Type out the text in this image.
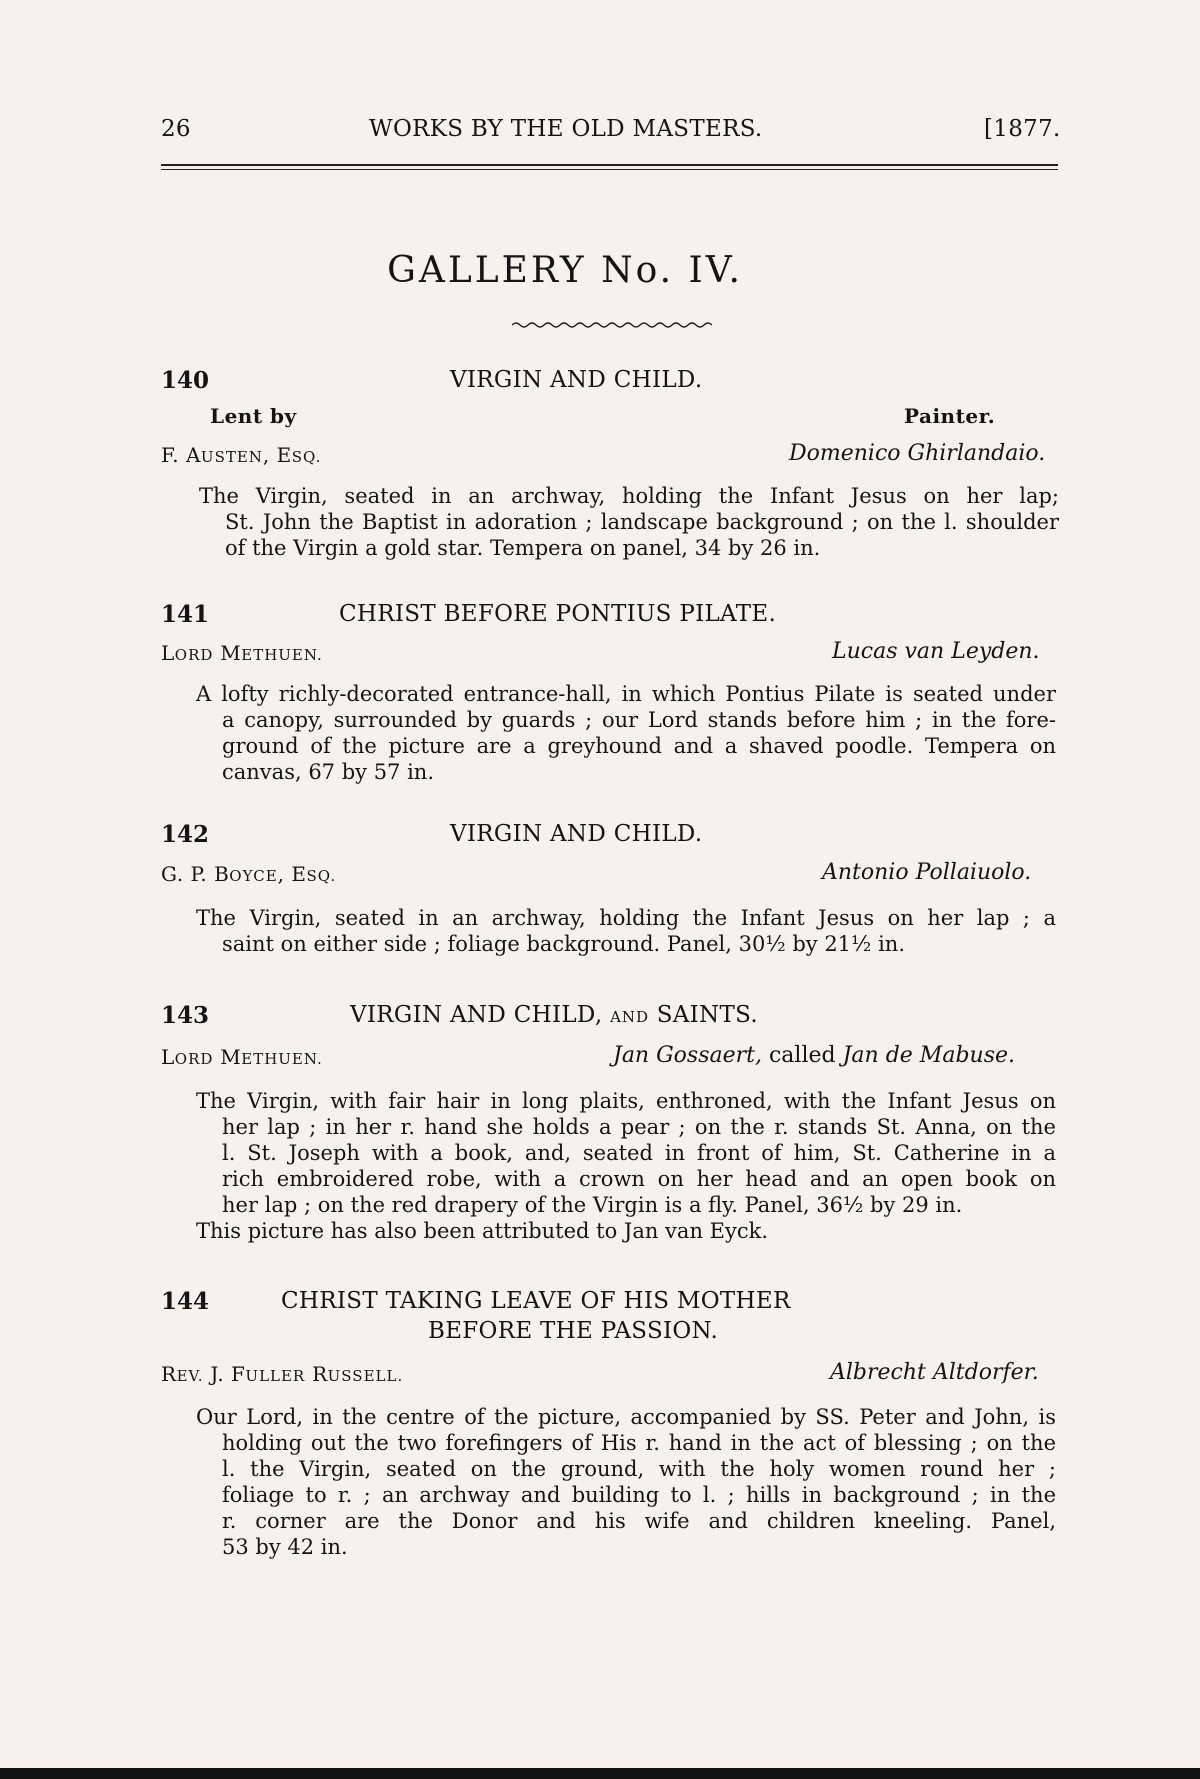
26	WORKS BY THE OLD MASTERS.	[1877.
GALLERY No. IV.
140	VIRGIN AND CHILD.
Lent by	Painter.
F. AUSTEN, ESQ.	Domenico Ghirlandaio.
The Virgin, seated in an archway, holding the Infant Jesus on her lap;
St. John the Baptist in adoration ; landscape background ; on the l. shoulder
of the Virgin a gold star. Tempera on panel, 34 by 26 in.
141	CHRIST BEFORE PONTIUS PILATE.
LORD METHUEN.	Lucas van Leyden.
A lofty richly-decorated entrance-hall, in which Pontius Pilate is seated under
a canopy, surrounded by guards ; our Lord stands before him ; in the fore-
ground of the picture are a greyhound and a shaved poodle. Tempera on
canvas, 67 by 57 in.
142	VIRGIN AND CHILD.
G. P. BOYCE, ESQ.	Antonio Pollaiuolo.
The Virgin, seated in an archway, holding the Infant Jesus on her lap ; a
saint on either side ; foliage background. Panel, 30½ by 21½ in.
143	VIRGIN AND CHILD, AND SAINTS.
LORD METHUEN.	Jan Gossaert, called Jan de Mabuse.
The Virgin, with fair hair in long plaits, enthroned, with the Infant Jesus on
her lap ; in her r. hand she holds a pear ; on the r. stands St. Anna, on the
l. St. Joseph with a book, and, seated in front of him, St. Catherine in a
rich embroidered robe, with a crown on her head and an open book on
her lap ; on the red drapery of the Virgin is a fly. Panel, 36½ by 29 in.
This picture has also been attributed to Jan van Eyck.
144	CHRIST TAKING LEAVE OF HIS MOTHER
BEFORE THE PASSION.
REV. J. FULLER RUSSELL.	Albrecht Altdorfer.
Our Lord, in the centre of the picture, accompanied by SS. Peter and John, is
holding out the two forefingers of His r. hand in the act of blessing ; on the
l. the Virgin, seated on the ground, with the holy women round her ;
foliage to r. ; an archway and building to l. ; hills in background ; in the
r. corner are the Donor and his wife and children kneeling. Panel,
53 by 42 in.
